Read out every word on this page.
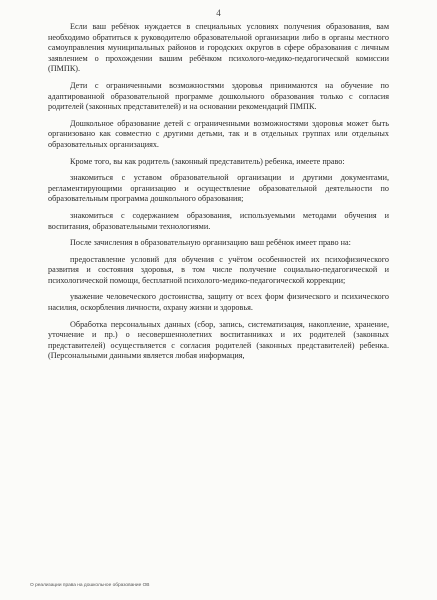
4

Если ваш ребёнок нуждается в специальных условиях получения образования, вам необходимо обратиться к руководителю образовательной организации либо в органы местного самоуправления муниципальных районов и городских округов в сфере образования с личным заявлением о прохождении вашим ребёнком психолого-медико-педагогической комиссии (ПМПК).

Дети с ограниченными возможностями здоровья принимаются на обучение по адаптированной образовательной программе дошкольного образования только с согласия родителей (законных представителей) и на основании рекомендаций ПМПК.

Дошкольное образование детей с ограниченными возможностями здоровья может быть организовано как совместно с другими детьми, так и в отдельных группах или отдельных образовательных организациях.

Кроме того, вы как родитель (законный представитель) ребенка, имеете право:

знакомиться с уставом образовательной организации и другими документами, регламентирующими организацию и осуществление образовательной деятельности по образовательным программа дошкольного образования;

знакомиться с содержанием образования, используемыми методами обучения и воспитания, образовательными технологиями.

После зачисления в образовательную организацию ваш ребёнок имеет право на:

предоставление условий для обучения с учётом особенностей их психофизического развития и состояния здоровья, в том числе получение социально-педагогической и психологической помощи, бесплатной психолого-медико-педагогической коррекции;

уважение человеческого достоинства, защиту от всех форм физического и психического насилия, оскорбления личности, охрану жизни и здоровья.

Обработка персональных данных (сбор, запись, систематизация, накопление, хранение, уточнение и пр.) о несовершеннолетних воспитанниках и их родителей (законных представителей) осуществляется с согласия родителей (законных представителей) ребенка. (Персональными данными является любая информация,

О реализации права на дошкольное образование ОВ
